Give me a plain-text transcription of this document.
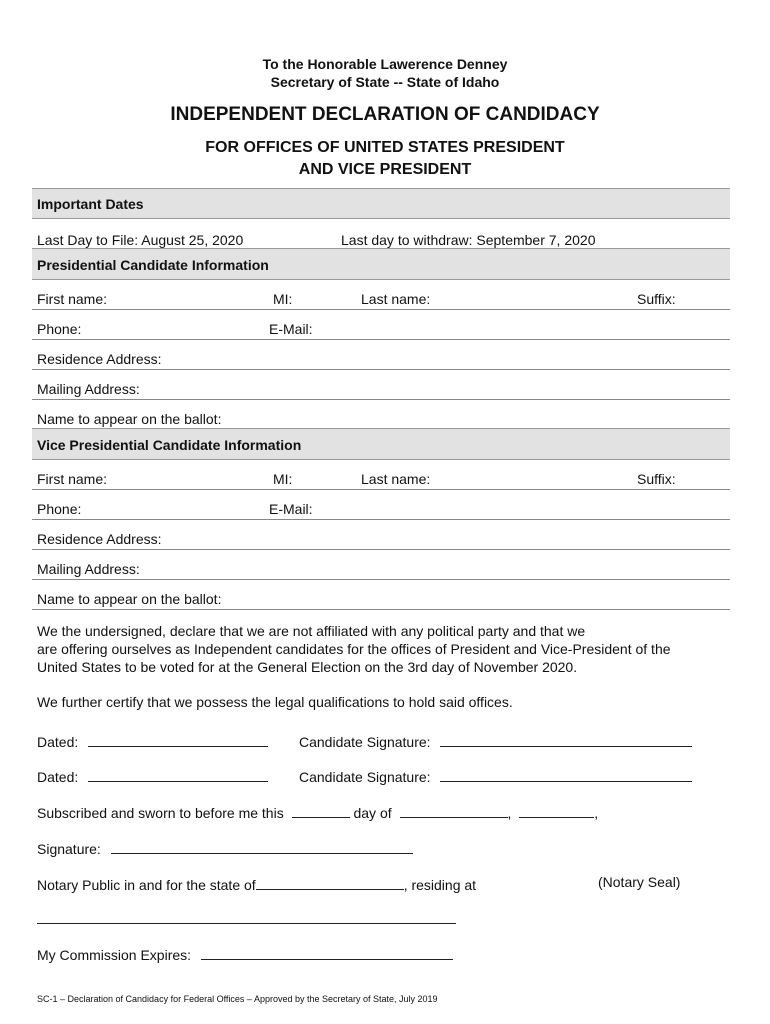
To the Honorable Lawerence Denney
Secretary of State -- State of Idaho
INDEPENDENT DECLARATION OF CANDIDACY
FOR OFFICES OF UNITED STATES PRESIDENT
AND VICE PRESIDENT
Important Dates
Last Day to File: August 25, 2020	Last day to withdraw: September 7, 2020
Presidential Candidate Information
First name:	MI:	Last name:	Suffix:
Phone:	E-Mail:
Residence Address:
Mailing Address:
Name to appear on the ballot:
Vice Presidential Candidate Information
First name:	MI:	Last name:	Suffix:
Phone:	E-Mail:
Residence Address:
Mailing Address:
Name to appear on the ballot:
We the undersigned, declare that we are not affiliated with any political party and that we
are offering ourselves as Independent candidates for the offices of President and Vice-President of the
United States to be voted for at the General Election on the 3rd day of November 2020.
We further certify that we possess the legal qualifications to hold said offices.
Dated:	Candidate Signature:
Dated:	Candidate Signature:
Subscribed and sworn to before me this	day of	,	,
Signature:
Notary Public in and for the state of	, residing at	(Notary Seal)
My Commission Expires:
SC-1 – Declaration of Candidacy for Federal Offices – Approved by the Secretary of State, July 2019
